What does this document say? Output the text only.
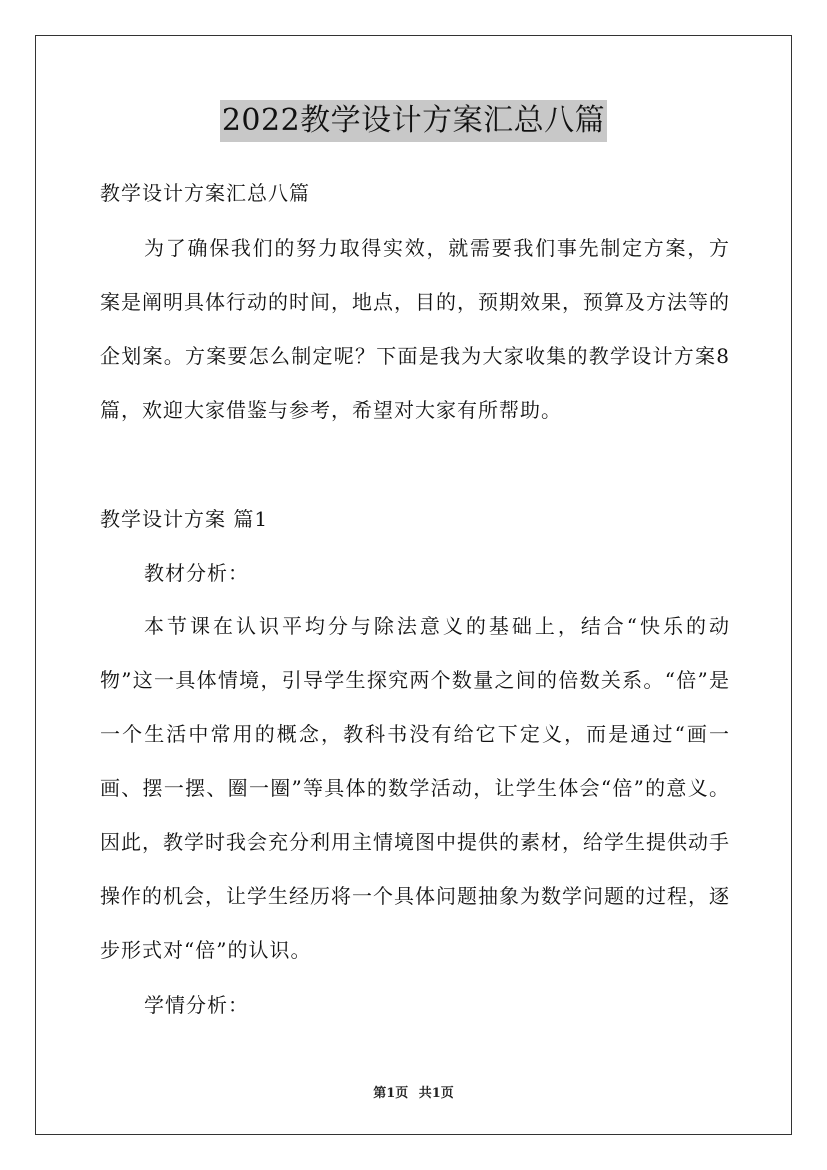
2022教学设计方案汇总八篇
教学设计方案汇总八篇
为了确保我们的努力取得实效，就需要我们事先制定方案，方案是阐明具体行动的时间，地点，目的，预期效果，预算及方法等的企划案。方案要怎么制定呢？下面是我为大家收集的教学设计方案8篇，欢迎大家借鉴与参考，希望对大家有所帮助。
教学设计方案 篇1
教材分析：
本节课在认识平均分与除法意义的基础上，结合“快乐的动物”这一具体情境，引导学生探究两个数量之间的倍数关系。“倍”是一个生活中常用的概念，教科书没有给它下定义，而是通过“画一画、摆一摆、圈一圈”等具体的数学活动，让学生体会“倍”的意义。因此，教学时我会充分利用主情境图中提供的素材，给学生提供动手操作的机会，让学生经历将一个具体问题抽象为数学问题的过程，逐步形式对“倍”的认识。
学情分析：
第1页 共1页
